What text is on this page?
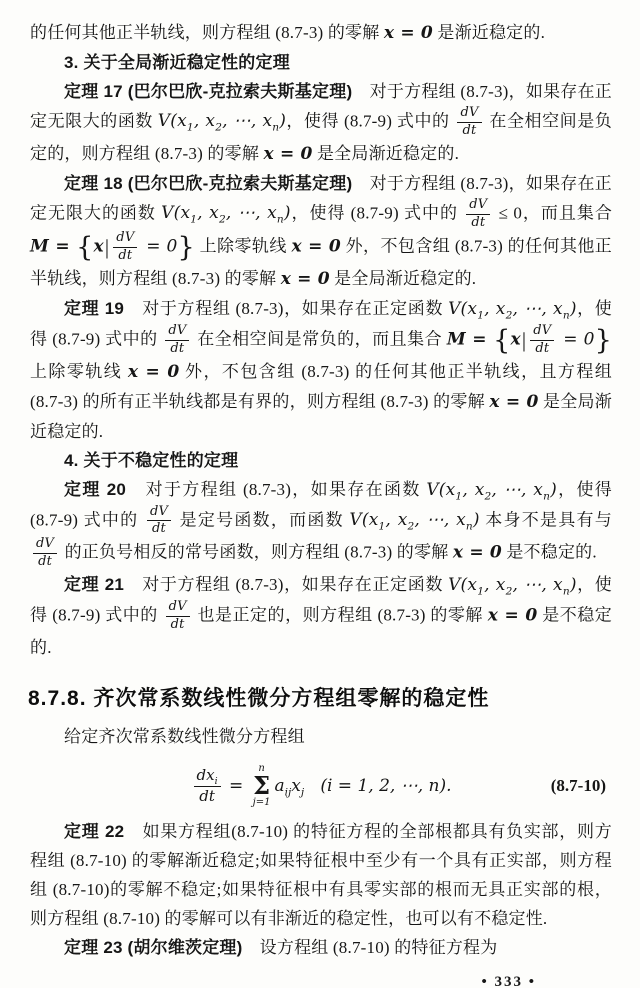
的任何其他正半轨线，则方程组 (8.7-3) 的零解 x = 0 是渐近稳定的.

3. 关于全局渐近稳定性的定理

定理 17 (巴尔巴欣-克拉索夫斯基定理)　对于方程组 (8.7-3)，如果存在正定无限大的函数 $V(x_1$, $x_2$, ⋯, $x_n$)，使得 (8.7-9) 式中的 $\frac{dV}{dt}$ 在全相空间是负定的，则方程组 (8.7-3) 的零解 x = 0 是全局渐近稳定的.

定理 18 (巴尔巴欣-克拉索夫斯基定理)　对于方程组 (8.7-3)，如果存在正定无限大的函数 $V(x_1$, $x_2$, ⋯, $x_n$)，使得 (8.7-9) 式中的 $\frac{dV}{dt} \le 0$，而且集合 $M = \{x| \frac{dV}{dt} = 0\}$ 上除零轨线 x = 0 外，不包含组 (8.7-3) 的任何其他正半轨线，则方程组 (8.7-3) 的零解 x = 0 是全局渐近稳定的.

定理 19　对于方程组 (8.7-3)，如果存在正定函数 $V(x_1$, $x_2$, ⋯, $x_n$)，使得 (8.7-9) 式中的 $\frac{dV}{dt}$ 在全相空间是常负的，而且集合 $M = \{x| \frac{dV}{dt} = 0\}$ 上除零轨线 x = 0 外，不包含组 (8.7-3) 的任何其他正半轨线，且方程组 (8.7-3) 的所有正半轨线都是有界的，则方程组 (8.7-3) 的零解 x = 0 是全局渐近稳定的.

4. 关于不稳定性的定理

定理 20　对于方程组 (8.7-3)，如果存在函数 $V(x_1$, $x_2$, ⋯, $x_n$)，使得 (8.7-9) 式中的 $\frac{dV}{dt}$ 是定号函数，而函数 $V(x_1$, $x_2$, ⋯, $x_n$) 本身不是具有与
$\frac{dV}{dt}$ 的正负号相反的常号函数，则方程组 (8.7-3) 的零解 x = 0 是不稳定的.

定理 21　对于方程组 (8.7-3)，如果存在正定函数 $V(x_1$, $x_2$, ⋯, $x_n$)，使得 (8.7-9) 式中的 $\frac{dV}{dt}$ 也是正定的，则方程组 (8.7-3) 的零解 x = 0 是不稳定的.

8.7.8. 齐次常系数线性微分方程组零解的稳定性

给定齐次常系数线性微分方程组

$\frac{dx_i}{dt}$ =
n
Σ
j=1
$a_{ij}x_j$ (i = 1, 2, ⋯, n).	(8.7-10)

定理 22　如果方程组(8.7-10) 的特征方程的全部根都具有负实部，则方程组 (8.7-10) 的零解渐近稳定;如果特征根中至少有一个具有正实部，则方程组 (8.7-10)的零解不稳定;如果特征根中有具零实部的根而无具正实部的根，则方程组 (8.7-10) 的零解可以有非渐近的稳定性，也可以有不稳定性.

定理 23 (胡尔维茨定理)　设方程组 (8.7-10) 的特征方程为

• 333 •
